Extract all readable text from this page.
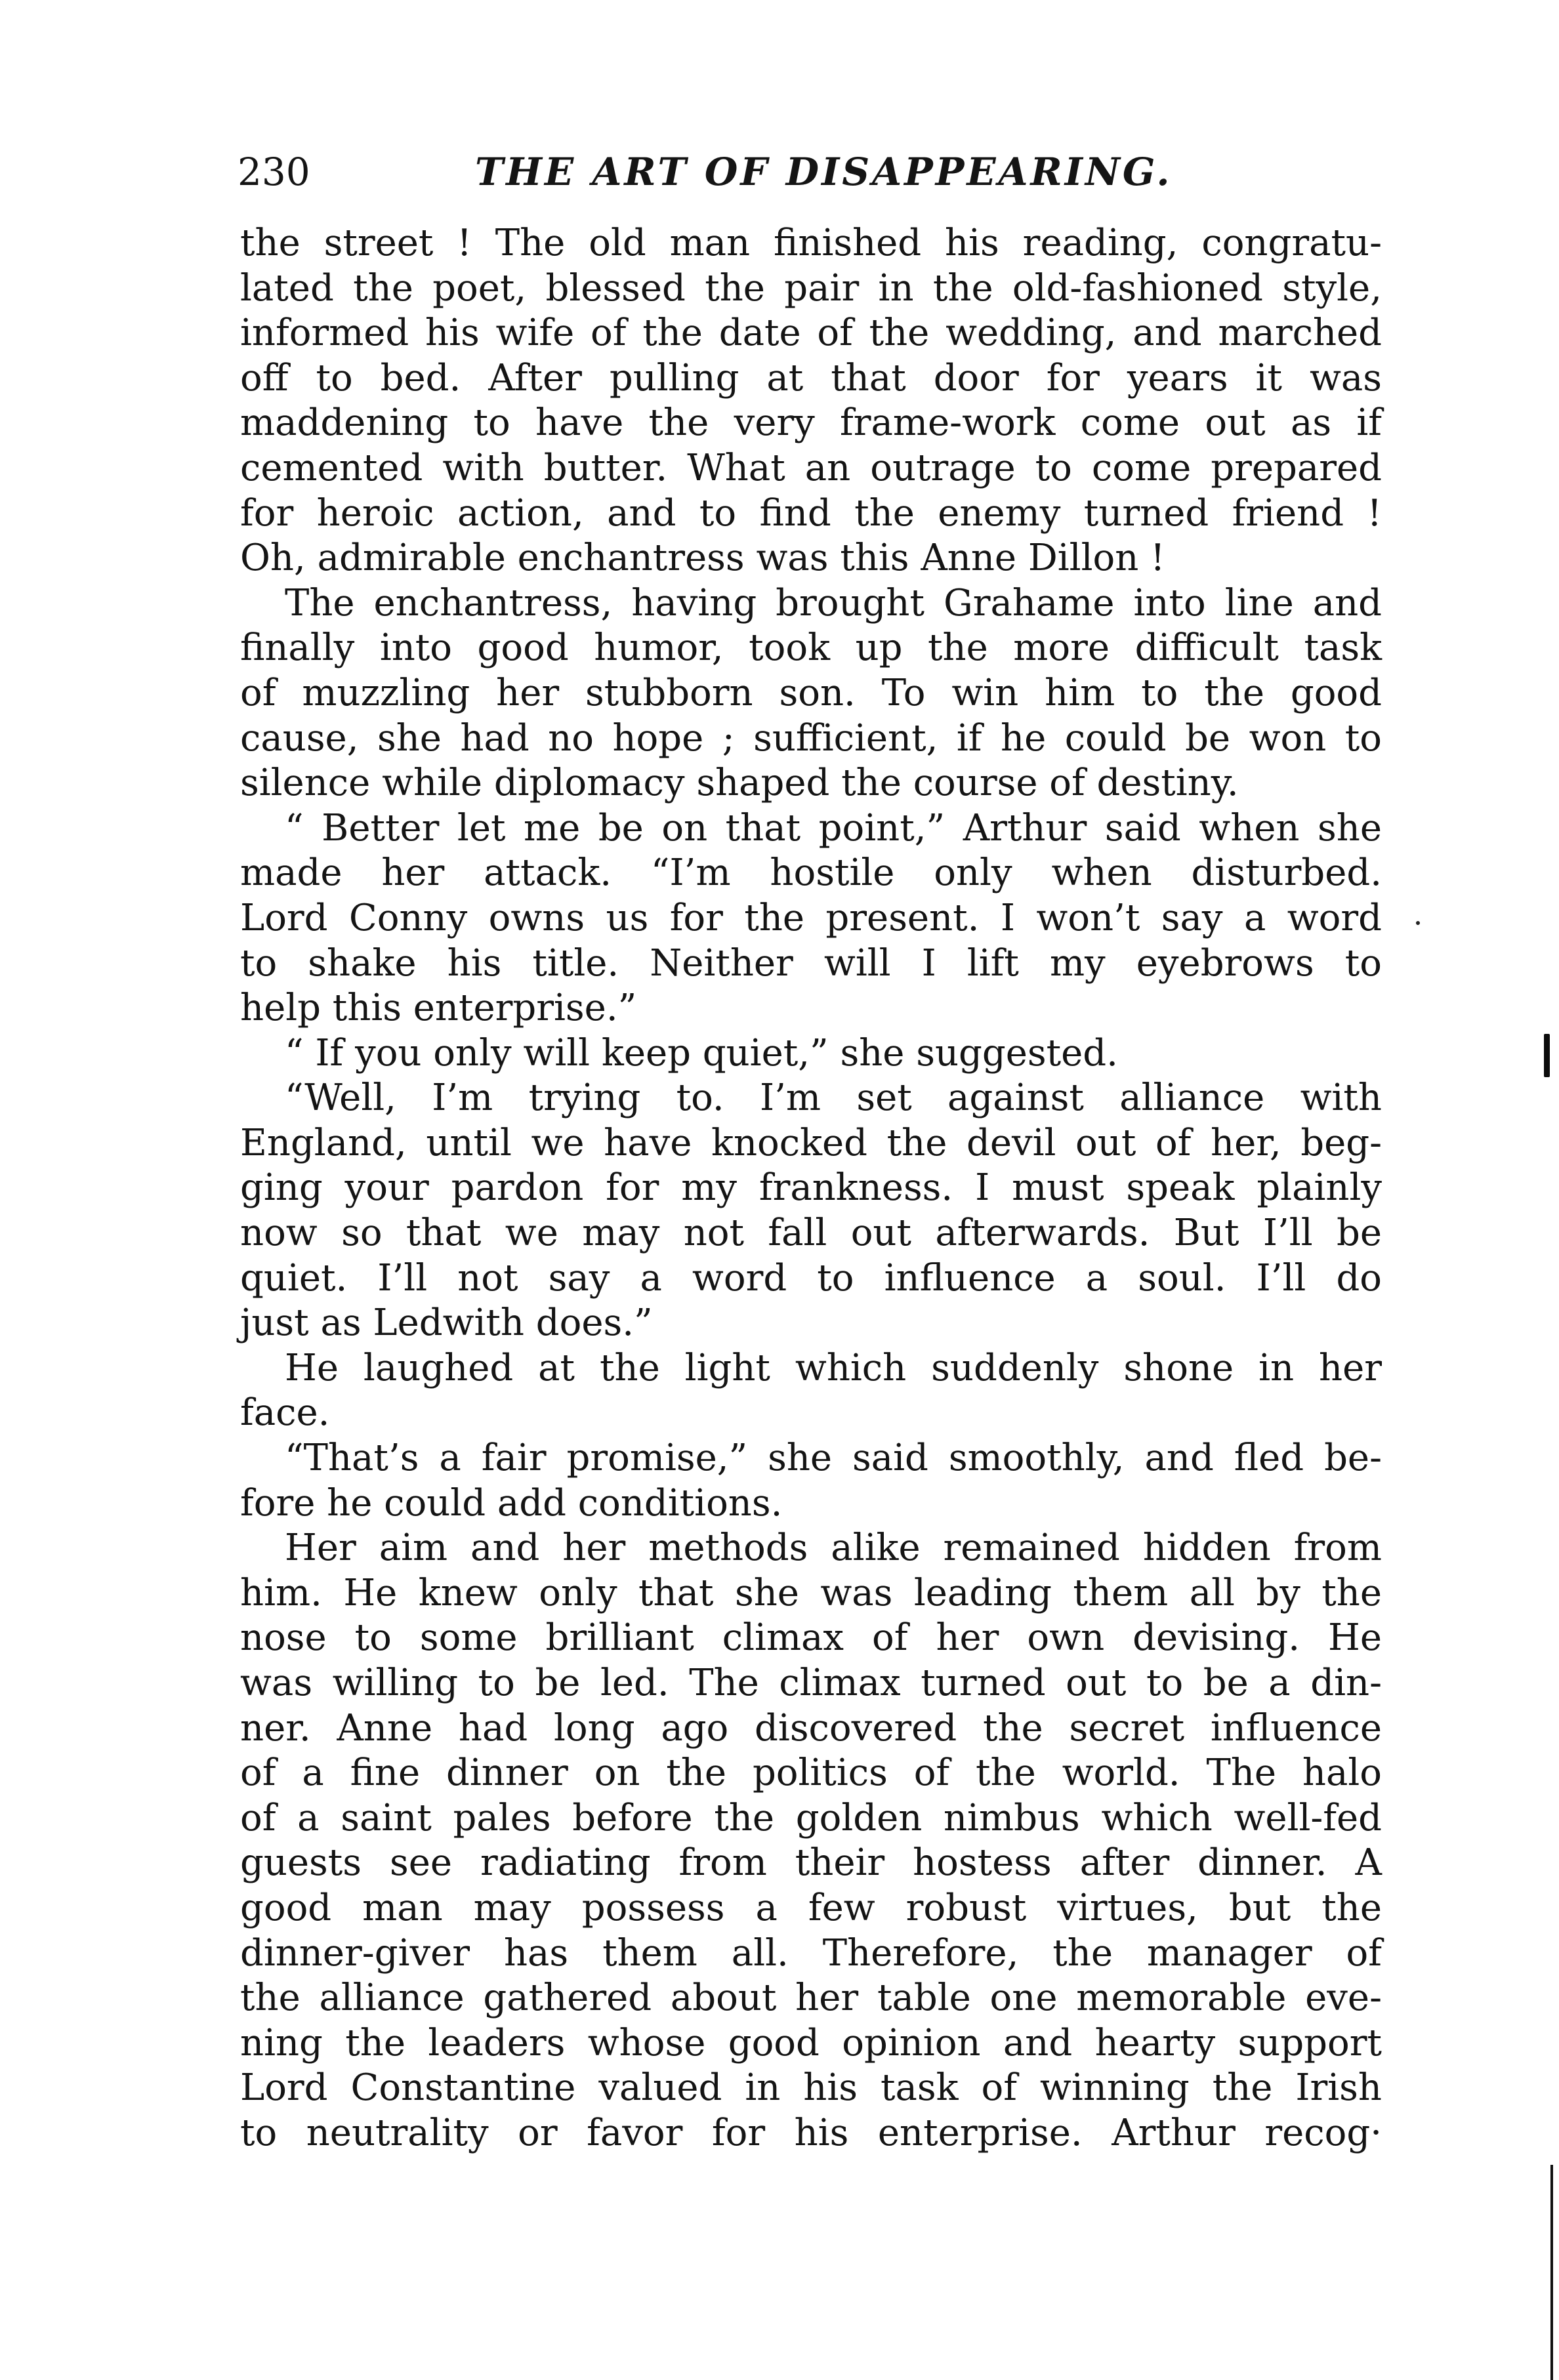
230	THE ART OF DISAPPEARING.
the street ! The old man finished his reading, congratu-
lated the poet, blessed the pair in the old-fashioned style,
informed his wife of the date of the wedding, and marched
off to bed. After pulling at that door for years it was
maddening to have the very frame-work come out as if
cemented with butter. What an outrage to come prepared
for heroic action, and to find the enemy turned friend !
Oh, admirable enchantress was this Anne Dillon !
The enchantress, having brought Grahame into line and
finally into good humor, took up the more difficult task
of muzzling her stubborn son. To win him to the good
cause, she had no hope ; sufficient, if he could be won to
silence while diplomacy shaped the course of destiny.
“ Better let me be on that point,” Arthur said when she
made her attack. “I’m hostile only when disturbed.
Lord Conny owns us for the present. I won’t say a word
to shake his title. Neither will I lift my eyebrows to
help this enterprise.”
“ If you only will keep quiet,” she suggested.
“Well, I’m trying to. I’m set against alliance with
England, until we have knocked the devil out of her, beg-
ging your pardon for my frankness. I must speak plainly
now so that we may not fall out afterwards. But I’ll be
quiet. I’ll not say a word to influence a soul. I’ll do
just as Ledwith does.”
He laughed at the light which suddenly shone in her
face.
“That’s a fair promise,” she said smoothly, and fled be-
fore he could add conditions.
Her aim and her methods alike remained hidden from
him. He knew only that she was leading them all by the
nose to some brilliant climax of her own devising. He
was willing to be led. The climax turned out to be a din-
ner. Anne had long ago discovered the secret influence
of a fine dinner on the politics of the world. The halo
of a saint pales before the golden nimbus which well-fed
guests see radiating from their hostess after dinner. A
good man may possess a few robust virtues, but the
dinner-giver has them all. Therefore, the manager of
the alliance gathered about her table one memorable eve-
ning the leaders whose good opinion and hearty support
Lord Constantine valued in his task of winning the Irish
to neutrality or favor for his enterprise. Arthur recog·
